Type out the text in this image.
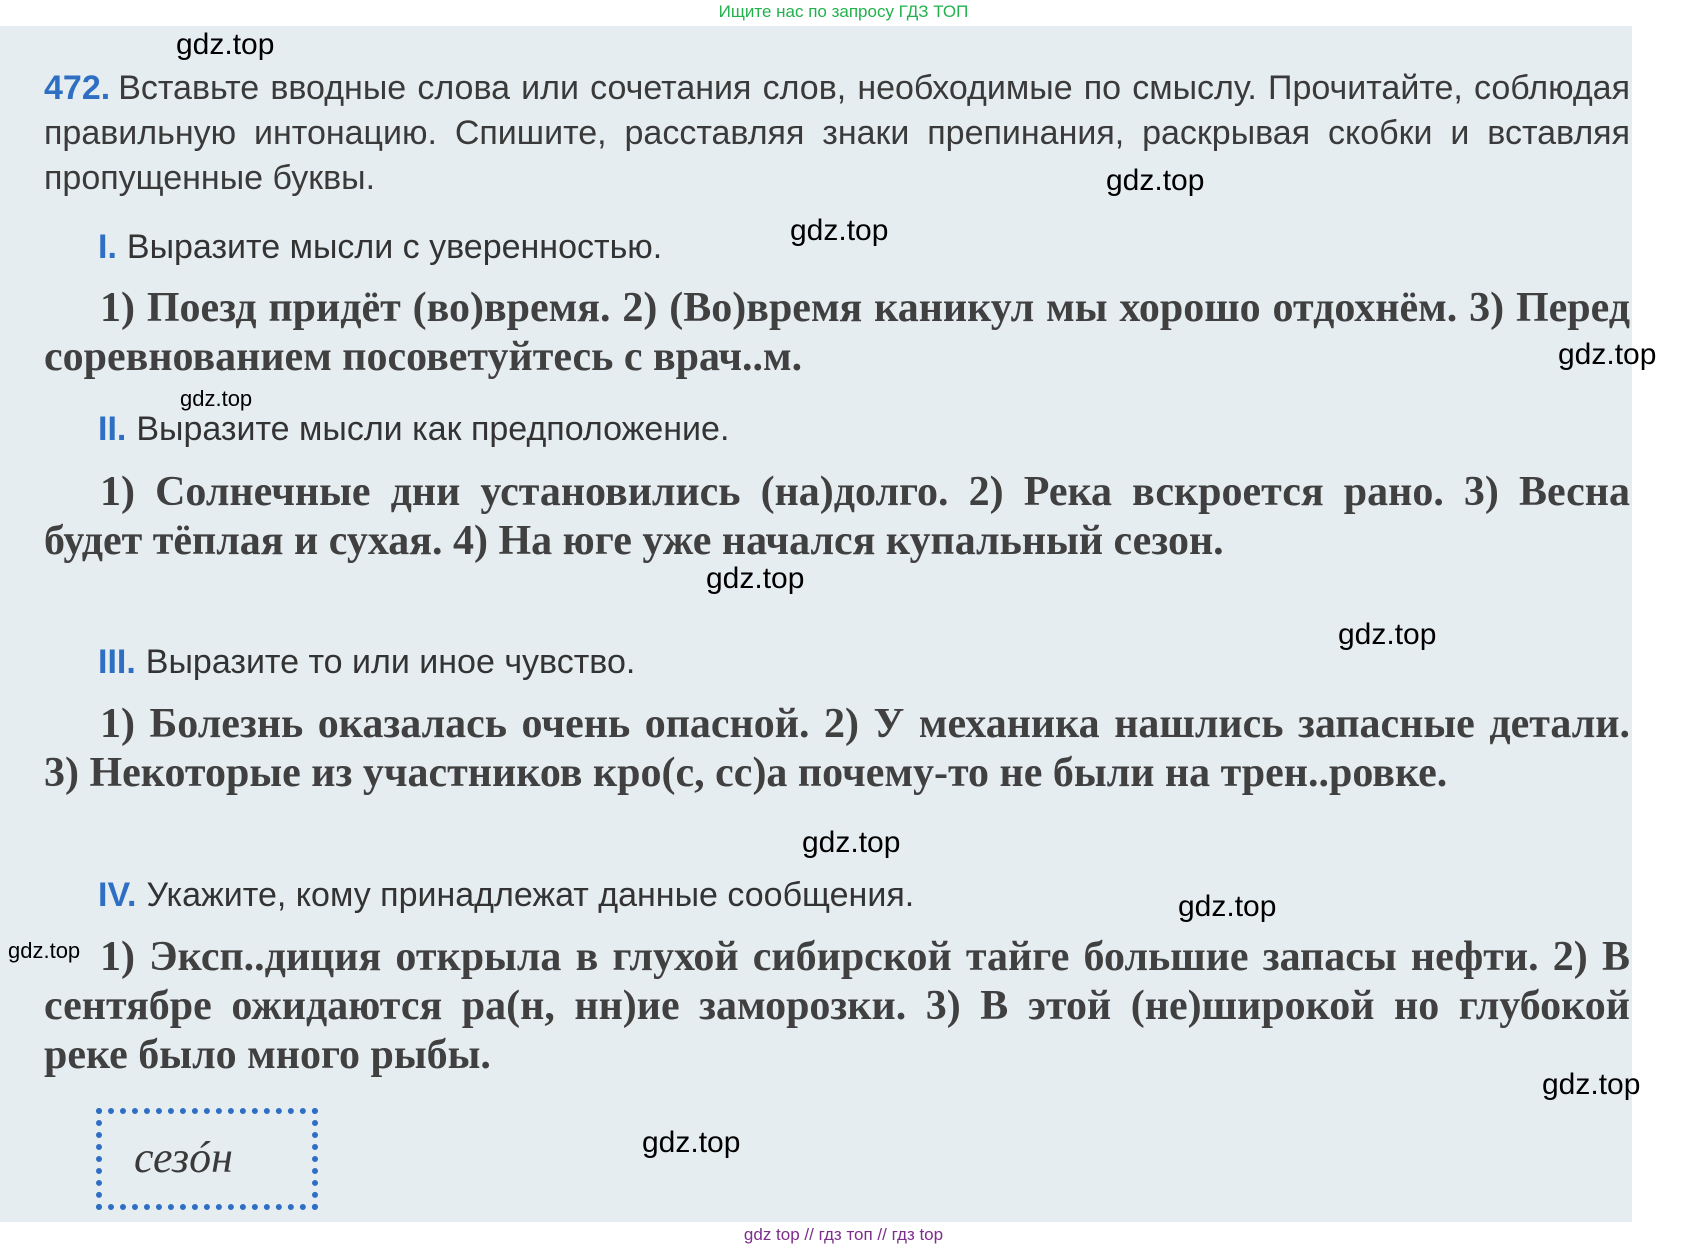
Ищите нас по запросу ГДЗ ТОП
472. Вставьте вводные слова или сочетания слов, необходимые по смыслу. Прочитайте, соблюдая правильную интонацию. Спишите, расставляя знаки препинания, раскрывая скобки и вставляя пропущенные буквы.
I. Выразите мысли с уверенностью.
1) Поезд придёт (во)время. 2) (Во)время каникул мы хорошо отдохнём. 3) Перед соревнованием посоветуйтесь с врач..м.
II. Выразите мысли как предположение.
1) Солнечные дни установились (на)долго. 2) Река вскроется рано. 3) Весна будет тёплая и сухая. 4) На юге уже начался купальный сезон.
III. Выразите то или иное чувство.
1) Болезнь оказалась очень опасной. 2) У механика нашлись запасные детали. 3) Некоторые из участников кро(с, сс)а почему-то не были на трен..ровке.
IV. Укажите, кому принадлежат данные сообщения.
1) Эксп..диция открыла в глухой сибирской тайге большие запасы нефти. 2) В сентябре ожидаются ра(н, нн)ие заморозки. 3) В этой (не)широкой но глубокой реке было много рыбы.
сезóн
gdz.top
gdz.top
gdz.top
gdz.top
gdz.top
gdz.top
gdz.top
gdz.top
gdz.top
gdz.top
gdz.top
gdz.top
gdz top // гдз топ // гдз top
